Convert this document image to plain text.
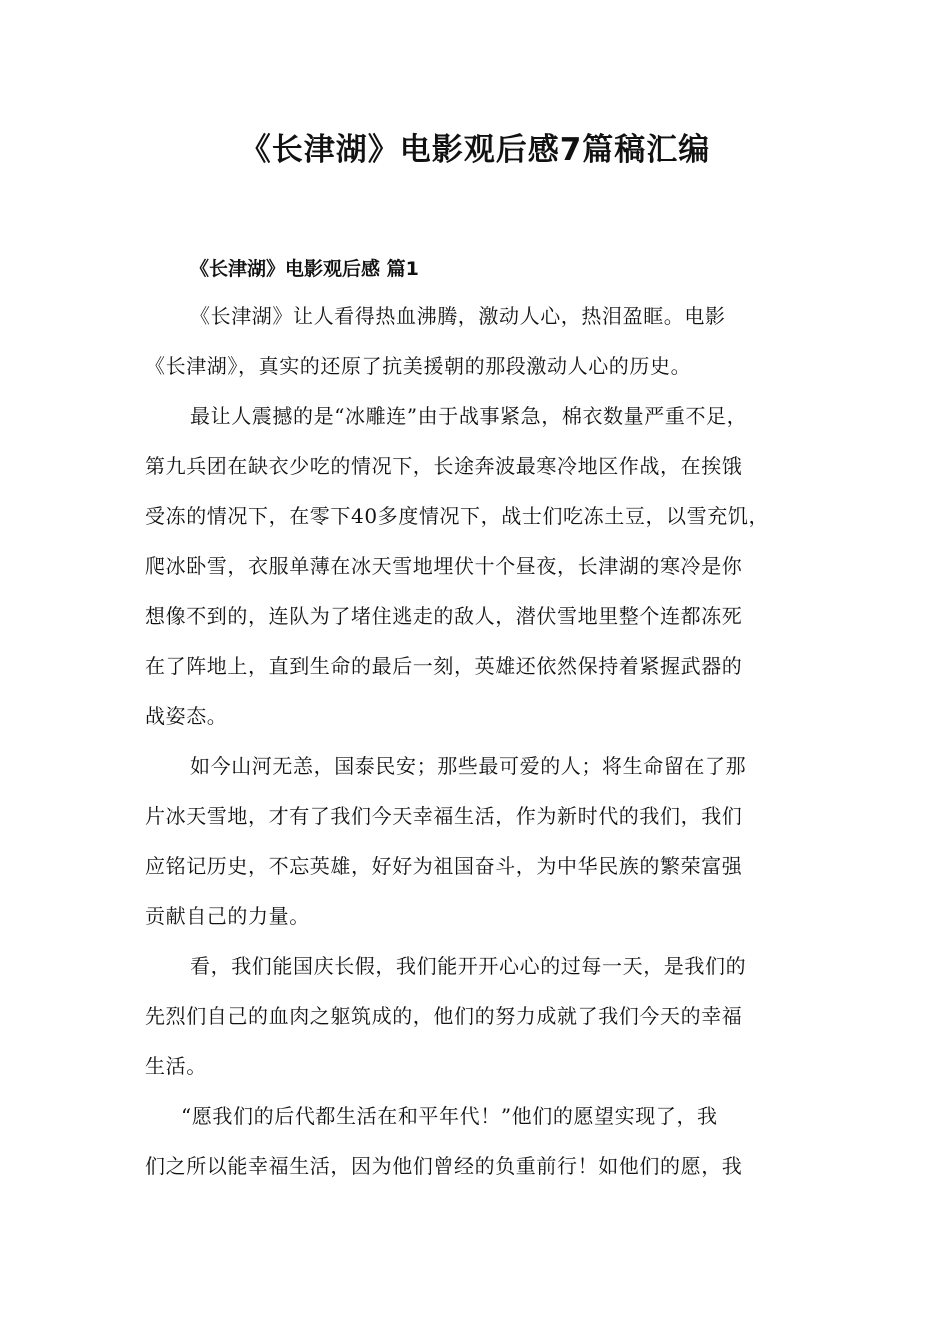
《长津湖》电影观后感7篇稿汇编
《长津湖》电影观后感 篇1
《长津湖》让人看得热血沸腾，激动人心，热泪盈眶。电影
《长津湖》，真实的还原了抗美援朝的那段激动人心的历史。
最让人震撼的是“冰雕连”由于战事紧急，棉衣数量严重不足，
第九兵团在缺衣少吃的情况下，长途奔波最寒冷地区作战，在挨饿
受冻的情况下，在零下40多度情况下，战士们吃冻土豆，以雪充饥，
爬冰卧雪，衣服单薄在冰天雪地埋伏十个昼夜，长津湖的寒冷是你
想像不到的，连队为了堵住逃走的敌人，潜伏雪地里整个连都冻死
在了阵地上，直到生命的最后一刻，英雄还依然保持着紧握武器的
战姿态。
如今山河无恙，国泰民安；那些最可爱的人；将生命留在了那
片冰天雪地，才有了我们今天幸福生活，作为新时代的我们，我们
应铭记历史，不忘英雄，好好为祖国奋斗，为中华民族的繁荣富强
贡献自己的力量。
看，我们能国庆长假，我们能开开心心的过每一天，是我们的
先烈们自己的血肉之躯筑成的，他们的努力成就了我们今天的幸福
生活。
“愿我们的后代都生活在和平年代！”他们的愿望实现了，我
们之所以能幸福生活，因为他们曾经的负重前行！如他们的愿，我
